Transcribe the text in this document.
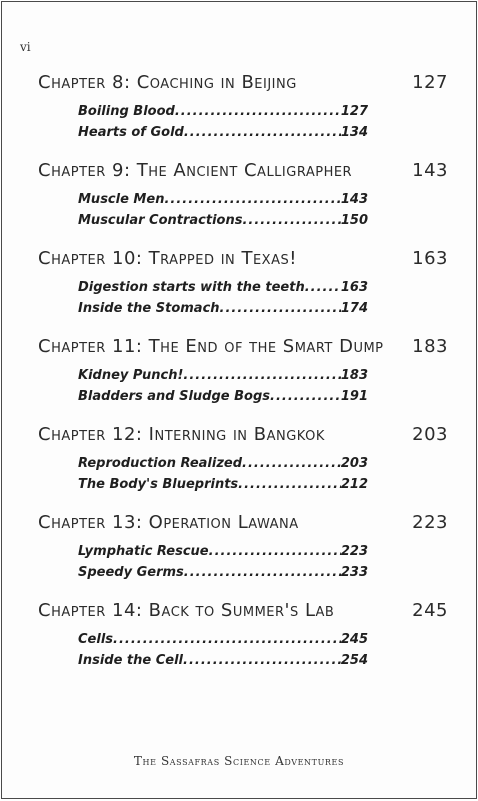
vi
Chapter 8: Coaching in Beijing	127
Boiling Blood .....	127
Hearts of Gold .....	134
Chapter 9: The Ancient Calligrapher	143
Muscle Men .....	143
Muscular Contractions .....	150
Chapter 10: Trapped in Texas!	163
Digestion starts with the teeth .....	163
Inside the Stomach .....	174
Chapter 11: The End of the Smart Dump	183
Kidney Punch! .....	183
Bladders and Sludge Bogs .....	191
Chapter 12: Interning in Bangkok	203
Reproduction Realized .....	203
The Body's Blueprints .....	212
Chapter 13: Operation Lawana	223
Lymphatic Rescue .....	223
Speedy Germs .....	233
Chapter 14: Back to Summer's Lab	245
Cells .....	245
Inside the Cell .....	254
The Sassafras Science Adventures
